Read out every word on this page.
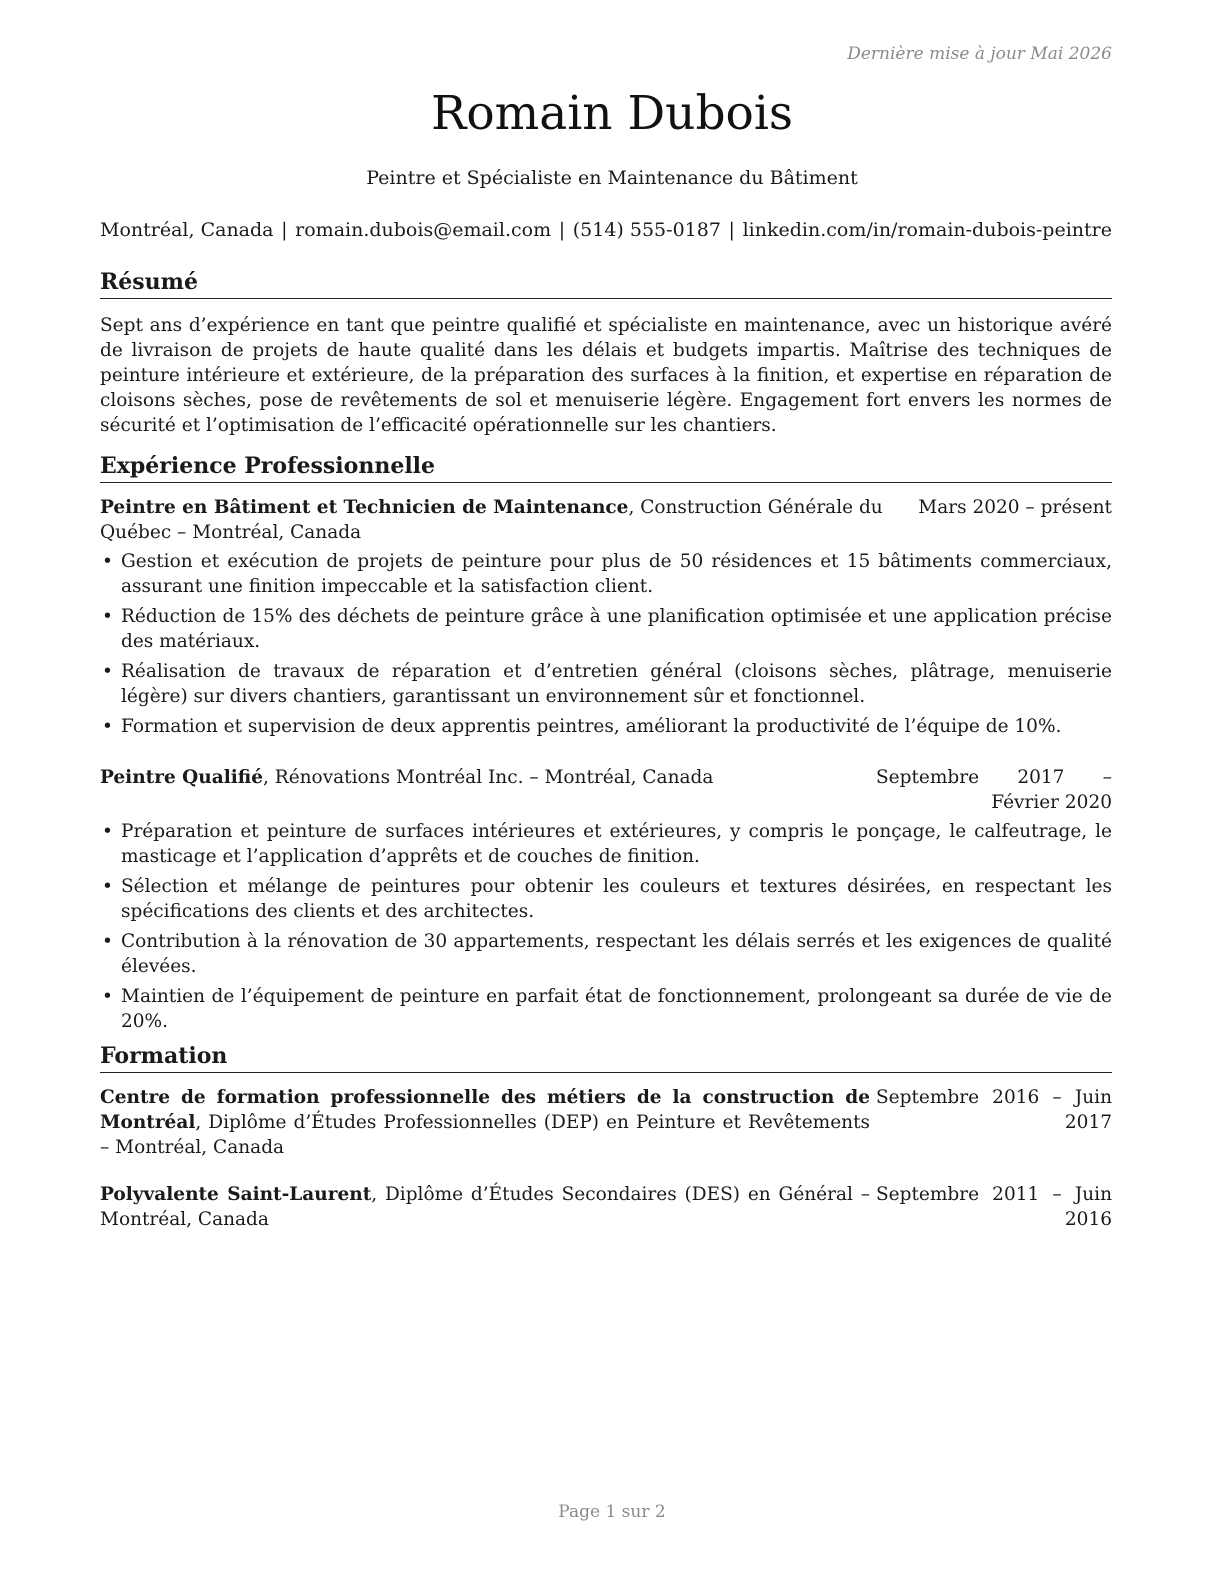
Dernière mise à jour Mai 2026
Romain Dubois
Peintre et Spécialiste en Maintenance du Bâtiment
Montréal, Canada | romain.dubois@email.com | (514) 555-0187 | linkedin.com/in/romain-dubois-peintre
Résumé

Sept ans d’expérience en tant que peintre qualifié et spécialiste en maintenance, avec un historique avéré de livraison de projets de haute qualité dans les délais et budgets impartis. Maîtrise des techniques de peinture intérieure et extérieure, de la préparation des surfaces à la finition, et expertise en réparation de cloisons sèches, pose de revêtements de sol et menuiserie légère. Engagement fort envers les normes de sécurité et l’optimisation de l’efficacité opérationnelle sur les chantiers.

Expérience Professionnelle
Peintre en Bâtiment et Technicien de Maintenance, Construction Générale du Québec – Montréal, Canada
Mars 2020 – présent
• Gestion et exécution de projets de peinture pour plus de 50 résidences et 15 bâtiments commerciaux, assurant une finition impeccable et la satisfaction client.
• Réduction de 15% des déchets de peinture grâce à une planification optimisée et une application précise des matériaux.
• Réalisation de travaux de réparation et d’entretien général (cloisons sèches, plâtrage, menuiserie légère) sur divers chantiers, garantissant un environnement sûr et fonctionnel.
• Formation et supervision de deux apprentis peintres, améliorant la productivité de l’équipe de 10%.
Peintre Qualifié, Rénovations Montréal Inc. – Montréal, Canada	Septembre 2017 – Février 2020
• Préparation et peinture de surfaces intérieures et extérieures, y compris le ponçage, le calfeutrage, le masticage et l’application d’apprêts et de couches de finition.
• Sélection et mélange de peintures pour obtenir les couleurs et textures désirées, en respectant les spécifications des clients et des architectes.
• Contribution à la rénovation de 30 appartements, respectant les délais serrés et les exigences de qualité élevées.
• Maintien de l’équipement de peinture en parfait état de fonctionnement, prolongeant sa durée de vie de 20%.
Formation
Centre de formation professionnelle des métiers de la construction de Montréal, Diplôme d’Études Professionnelles (DEP) en Peinture et Revêtements – Montréal, Canada
Septembre 2016 – Juin 2017
Polyvalente Saint-Laurent, Diplôme d’Études Secondaires (DES) en Général – Montréal, Canada
Septembre 2011 – Juin 2016
Page 1 sur 2
